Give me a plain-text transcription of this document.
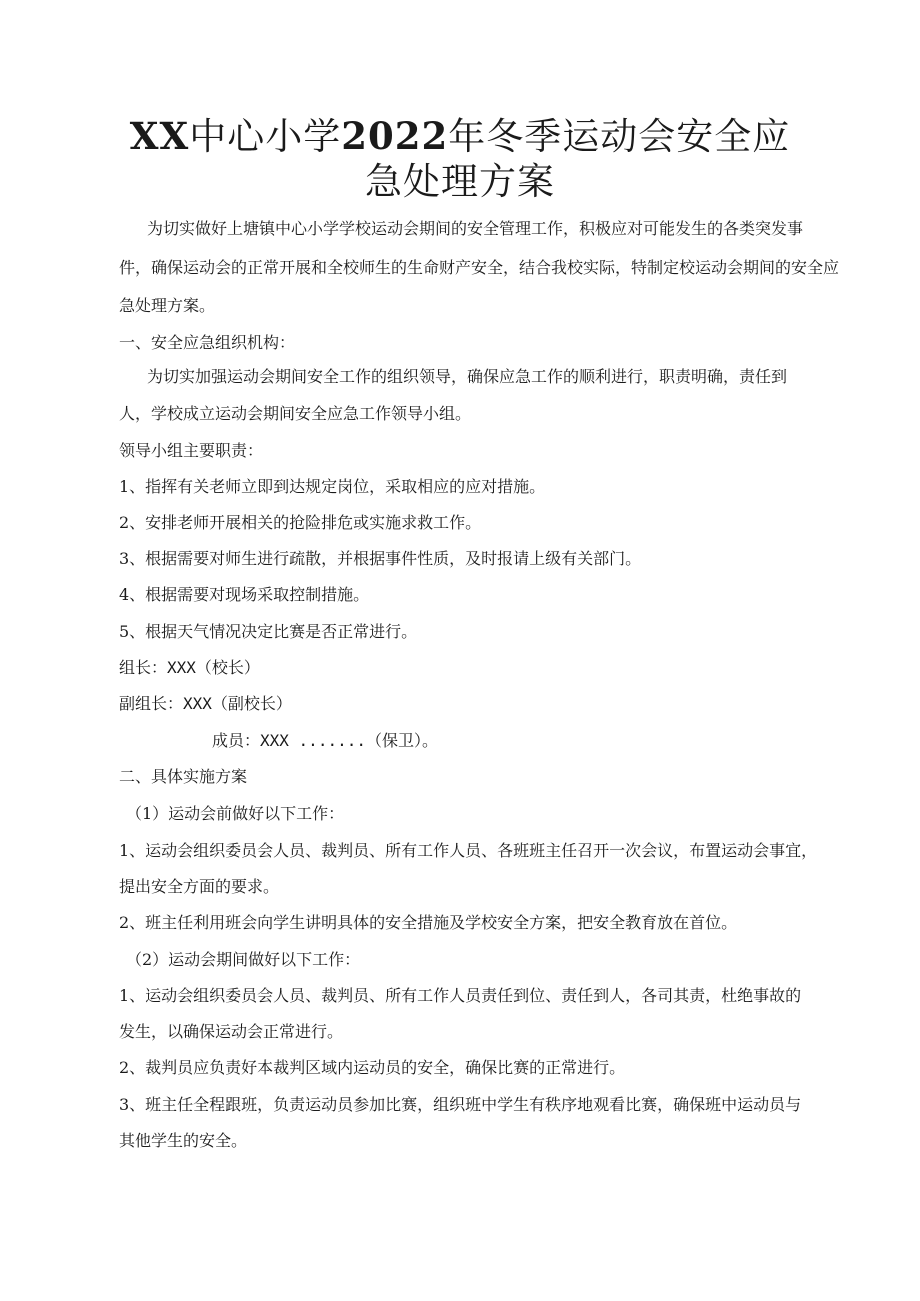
XX中心小学2022年冬季运动会安全应
急处理方案

为切实做好上塘镇中心小学学校运动会期间的安全管理工作，积极应对可能发生的各类突发事

件，确保运动会的正常开展和全校师生的生命财产安全，结合我校实际，特制定校运动会期间的安全应

急处理方案。

一、安全应急组织机构：

为切实加强运动会期间安全工作的组织领导，确保应急工作的顺利进行，职责明确，责任到

人，学校成立运动会期间安全应急工作领导小组。

领导小组主要职责：

1、指挥有关老师立即到达规定岗位，采取相应的应对措施。

2、安排老师开展相关的抢险排危或实施求救工作。

3、根据需要对师生进行疏散，并根据事件性质，及时报请上级有关部门。

4、根据需要对现场采取控制措施。

5、根据天气情况决定比赛是否正常进行。

组长：XXX（校长）

副组长：XXX（副校长）

成员：XXX .......（保卫）。

二、具体实施方案

（1）运动会前做好以下工作：

1、运动会组织委员会人员、裁判员、所有工作人员、各班班主任召开一次会议，布置运动会事宜，

提出安全方面的要求。

2、班主任利用班会向学生讲明具体的安全措施及学校安全方案，把安全教育放在首位。

（2）运动会期间做好以下工作：

1、运动会组织委员会人员、裁判员、所有工作人员责任到位、责任到人，各司其责，杜绝事故的

发生，以确保运动会正常进行。

2、裁判员应负责好本裁判区域内运动员的安全，确保比赛的正常进行。

3、班主任全程跟班，负责运动员参加比赛，组织班中学生有秩序地观看比赛，确保班中运动员与

其他学生的安全。
